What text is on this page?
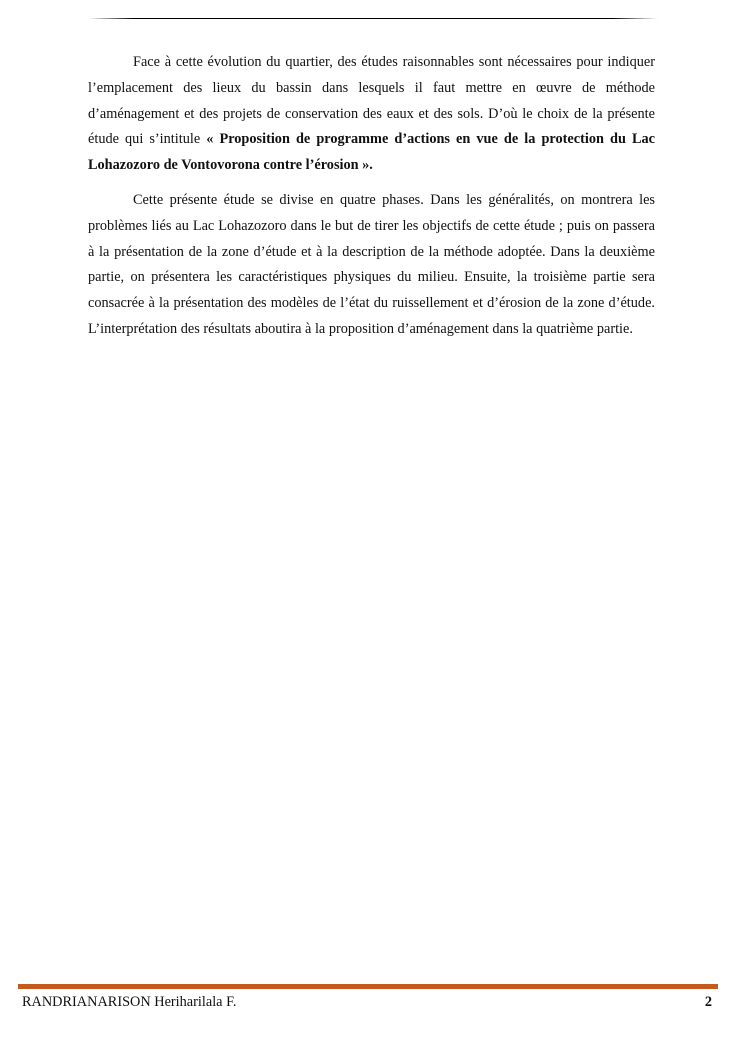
Face à cette évolution du quartier, des études raisonnables sont nécessaires pour indiquer l’emplacement des lieux du bassin dans lesquels il faut mettre en œuvre de méthode d’aménagement et des projets de conservation des eaux et des sols. D’où le choix de la présente étude qui s’intitule « Proposition de programme d’actions en vue de la protection du Lac Lohazozoro de Vontovorona contre l’érosion ».

Cette présente étude se divise en quatre phases. Dans les généralités, on montrera les problèmes liés au Lac Lohazozoro dans le but de tirer les objectifs de cette étude ; puis on passera à la présentation de la zone d’étude et à la description de la méthode adoptée. Dans la deuxième partie, on présentera les caractéristiques physiques du milieu. Ensuite, la troisième partie sera consacrée à la présentation des modèles de l’état du ruissellement et d’érosion de la zone d’étude. L’interprétation des résultats aboutira à la proposition d’aménagement dans la quatrième partie.

RANDRIANARISON Heriharilala F.	2
